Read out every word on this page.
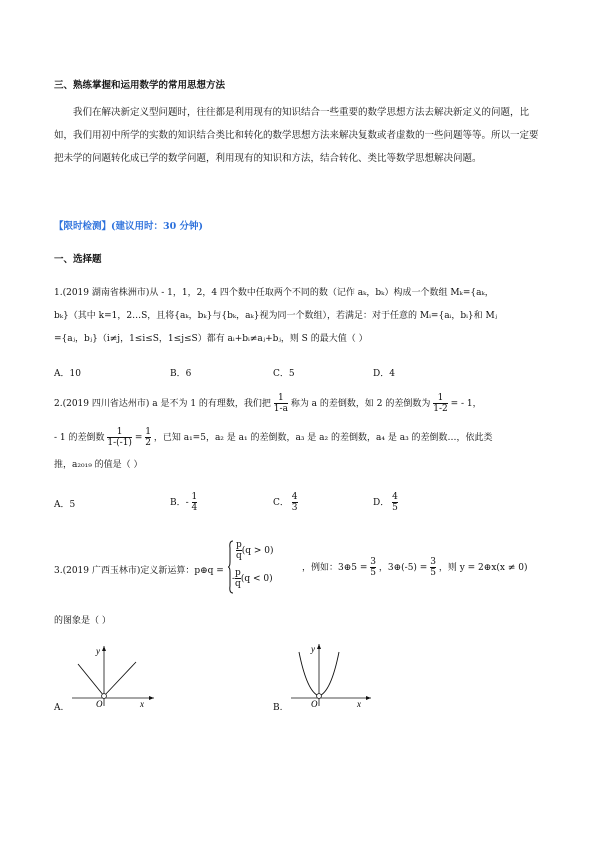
三、熟练掌握和运用数学的常用思想方法
我们在解决新定义型问题时，往往都是利用现有的知识结合一些重要的数学思想方法去解决新定义的问题，比如，我们用初中所学的实数的知识结合类比和转化的数学思想方法来解决复数或者虚数的一些问题等等。所以一定要把未学的问题转化成已学的数学问题，利用现有的知识和方法，结合转化、类比等数学思想解决问题。
【限时检测】(建议用时：30 分钟)
一、选择题
1.(2019 湖南省株洲市)从 - 1，1，2，4 四个数中任取两个不同的数（记作 aₖ，bₖ）构成一个数组 Mₖ={aₖ，
bₖ}（其中 k=1，2…S，且将{aₖ，bₖ}与{bₖ，aₖ}视为同一个数组），若满足：对于任意的 Mᵢ={aᵢ，bᵢ}和 Mⱼ
={aⱼ，bⱼ}（i≠j，1≤i≤S，1≤j≤S）都有 aᵢ+bᵢ≠aⱼ+bⱼ，则 S 的最大值（ ）
A．10	B．6	C．5	D．4
2.(2019 四川省达州市) a 是不为 1 的有理数，我们把 $\frac{1}{1-a}$ 称为 a 的差倒数，如 2 的差倒数为 $\frac{1}{1-2}$ = - 1，
- 1 的差倒数 $\frac{1}{1-(-1)} = \frac{1}{2}$ ，已知 a₁=5，a₂ 是 a₁ 的差倒数，a₃ 是 a₂ 的差倒数，a₄ 是 a₃ 的差倒数…，依此类
推，a₂₀₁₉ 的值是（ ）
A．5	B．- $\frac{1}{4}$	C． $\frac{4}{3}$	D． $\frac{4}{5}$
3.(2019 广西玉林市)定义新运算：p⊕q =
$\frac{p}{q} (q > 0)$
- $\frac{p}{q} (q < 0)$
，例如：3⊕5 = $\frac{3}{5}$ ，3⊕(-5) = $\frac{3}{5}$ ，则 y = 2⊕x(x ≠ 0)
的图象是（ ）
y
x
O
A.
y
x
O
B.
